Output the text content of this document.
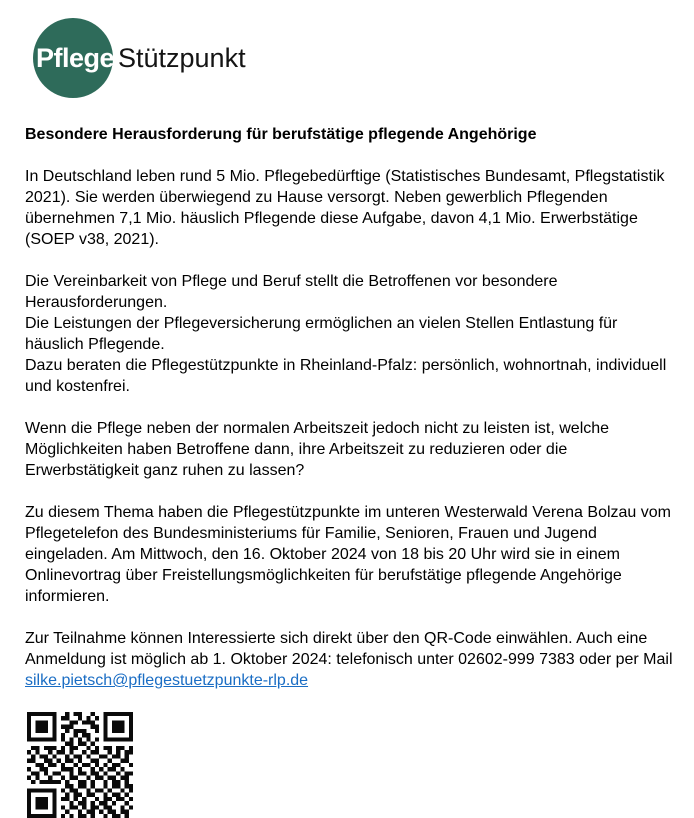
Pflege Stützpunkt
Besondere Herausforderung für berufstätige pflegende Angehörige

In Deutschland leben rund 5 Mio. Pflegebedürftige (Statistisches Bundesamt, Pflegstatistik 2021). Sie werden überwiegend zu Hause versorgt. Neben gewerblich Pflegenden übernehmen 7,1 Mio. häuslich Pflegende diese Aufgabe, davon 4,1 Mio. Erwerbstätige (SOEP v38, 2021).

Die Vereinbarkeit von Pflege und Beruf stellt die Betroffenen vor besondere Herausforderungen.
Die Leistungen der Pflegeversicherung ermöglichen an vielen Stellen Entlastung für häuslich Pflegende.
Dazu beraten die Pflegestützpunkte in Rheinland-Pfalz: persönlich, wohnortnah, individuell und kostenfrei.

Wenn die Pflege neben der normalen Arbeitszeit jedoch nicht zu leisten ist, welche Möglichkeiten haben Betroffene dann, ihre Arbeitszeit zu reduzieren oder die Erwerbstätigkeit ganz ruhen zu lassen?

Zu diesem Thema haben die Pflegestützpunkte im unteren Westerwald Verena Bolzau vom Pflegetelefon des Bundesministeriums für Familie, Senioren, Frauen und Jugend eingeladen. Am Mittwoch, den 16. Oktober 2024 von 18 bis 20 Uhr wird sie in einem Onlinevortrag über Freistellungsmöglichkeiten für berufstätige pflegende Angehörige informieren.

Zur Teilnahme können Interessierte sich direkt über den QR-Code einwählen. Auch eine Anmeldung ist möglich ab 1. Oktober 2024: telefonisch unter 02602-999 7383 oder per Mail silke.pietsch@pflegestuetzpunkte-rlp.de
